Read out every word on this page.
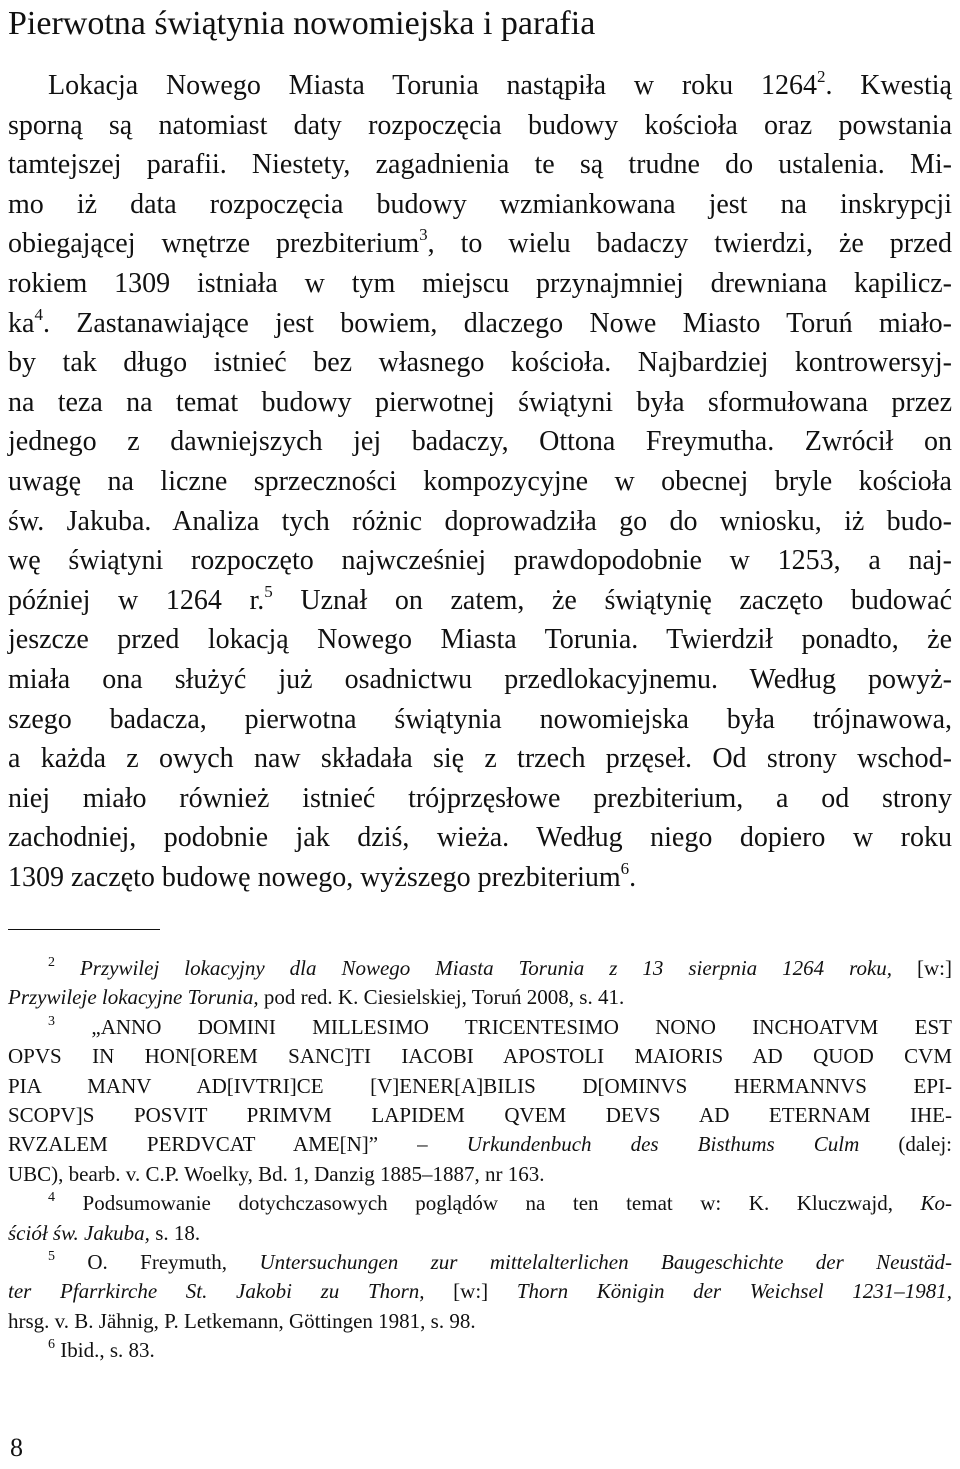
Pierwotna świątynia nowomiejska i parafia
Lokacja Nowego Miasta Torunia nastąpiła w roku 1264$^2$. Kwestią
sporną są natomiast daty rozpoczęcia budowy kościoła oraz powstania
tamtejszej parafii. Niestety, zagadnienia te są trudne do ustalenia. Mi-
mo iż data rozpoczęcia budowy wzmiankowana jest na inskrypcji
obiegającej wnętrze prezbiterium$^3$, to wielu badaczy twierdzi, że przed
rokiem 1309 istniała w tym miejscu przynajmniej drewniana kapilicz-
$ka^4$. Zastanawiające jest bowiem, dlaczego Nowe Miasto Toruń miało-
by tak długo istnieć bez własnego kościoła. Najbardziej kontrowersyj-
na teza na temat budowy pierwotnej świątyni była sformułowana przez
jednego z dawniejszych jej badaczy, Ottona Freymutha. Zwrócił on
uwagę na liczne sprzeczności kompozycyjne w obecnej bryle kościoła
św. Jakuba. Analiza tych różnic doprowadziła go do wniosku, iż budo-
wę świątyni rozpoczęto najwcześniej prawdopodobnie w 1253, a naj-
później w 1264 r.$^5$ Uznał on zatem, że świątynię zaczęto budować
jeszcze przed lokacją Nowego Miasta Torunia. Twierdził ponadto, że
miała ona służyć już osadnictwu przedlokacyjnemu. Według powyż-
szego badacza, pierwotna świątynia nowomiejska była trójnawowa,
a każda z owych naw składała się z trzech przęseł. Od strony wschod-
niej miało również istnieć trójprzęsłowe prezbiterium, a od strony
zachodniej, podobnie jak dziś, wieża. Według niego dopiero w roku
1309 zaczęto budowę nowego, wyższego prezbiterium$^6$.
$^2$ Przywilej lokacyjny dla Nowego Miasta Torunia z 13 sierpnia 1264 roku, [w:]
Przywileje lokacyjne Torunia, pod red. K. Ciesielskiej, Toruń 2008, s. 41.
$^3$ „ANNO DOMINI MILLESIMO TRICENTESIMO NONO INCHOATVM EST
OPVS IN HON[OREM SANC]TI IACOBI APOSTOLI MAIORIS AD QUOD CVM
PIA MANV AD[IVTRI]CE [V]ENER[A]BILIS D[OMINVS HERMANNVS EPI-
SCOPV]S POSVIT PRIMVM LAPIDEM QVEM DEVS AD ETERNAM IHE-
RVZALEM PERDVCAT AME[N]” – Urkundenbuch des Bisthums Culm (dalej:
UBC), bearb. v. C.P. Woelky, Bd. 1, Danzig 1885–1887, nr 163.
$^4$ Podsumowanie dotychczasowych poglądów na ten temat w: K. Kluczwajd, Ko-
ściół św. Jakuba, s. 18.
$^5$ O. Freymuth, Untersuchungen zur mittelalterlichen Baugeschichte der Neustäd-
ter Pfarrkirche St. Jakobi zu Thorn, [w:] Thorn Königin der Weichsel 1231–1981,
hrsg. v. B. Jähnig, P. Letkemann, Göttingen 1981, s. 98.
$^6$ Ibid., s. 83.
8
